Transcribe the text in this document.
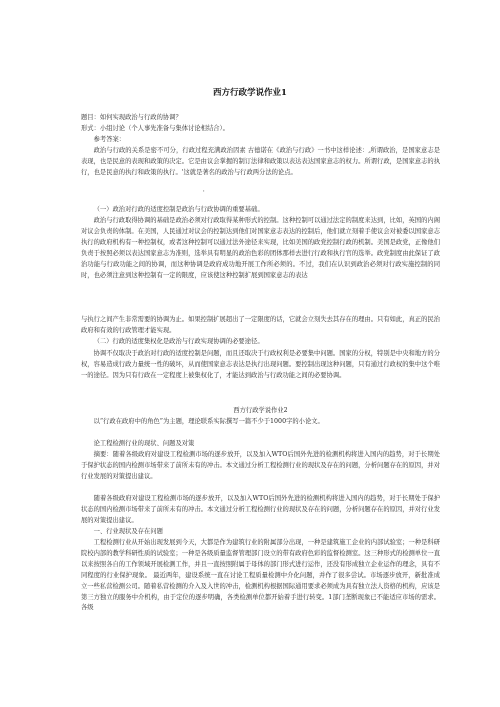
西方行政学说作业1

题目：如何实现政治与行政的协调？

形式：小组讨论（个人事先准备与集体讨论相结合）。

参考答案：

政治与行政的关系是密不可分，行政过程充满政治因素 古德诺在《政治与行政》一书中这样论述：,所谓政治，是国家意志是表现，也是民意的表现和政策的决定。它是由议会掌握的制订法律和政策以表达表达国家意志的权力。所谓行政，是国家意志的执行，也是民意的执行和政策的执行。'这就是著名的政治与行政两分法的论点。

'

（一）政治对行政的适度控制是政治与行政协调的重要基础。

政治与行政取得协调的基础是政治必须对行政取得某种形式的控制。这种控制可以通过法定的制度来达到，比如，英国的内阁对议会负责的体制。在美国，人民通过对议会的控制达到他们对国家意志表达的控制后，他们就立刻着手使议会对被委以国家意志执行的政府机构有一种控制权，或者这种控制可以通过法外途径来实现，比如美国的政党控制行政的机制。美国是政党，正像他们负责于按照必须以表达国家意志为准则，选举具有明显的政治色彩的团体那样去进行行政和执行官的选举。政党制度由此保证了政治功能与行政功能之间的协调，而这种协调是政府成功地开展工作所必须的。不过，我们在认识到政治必须对行政实施控制的同时，也必须注意到这种控制有一定的限度，应该使这种控制扩展到国家意志的表达

与执行之间产生非常需要的协调为止。如果控制扩展超出了一定限度的话，它就会立刻失去其存在的理由。只有如此，真正的民治政府和有效的行政管理才能实现。

（二）行政的适度集权化是政治与行政实现协调的必要途径。

协调不仅取决于政治对行政的适度控制是问题，而且还取决于行政权利是必要集中问题。国家的分权，特别是中央和地方的分权，容易造成行政力量统一性的破坏，从而使国家意志表达是执行出现问题。要控制出现这种问题，只有通过行政权的集中这个唯一的途径。因为只有行政在一定程度上被集权化了，才能达到政治与行政功能之间的必要协调。

西方行政学说作业2

以“行政在政府中的角色”为主题，理论联系实际撰写一篇不少于1000字的小论文。

论工程检测行业的现状、问题及对策

摘要：随着各级政府对建设工程检测市场的逐步放开，以及加入WTO后国外先进的检测机构将进入国内的趋势，对于长期处于保护状态的国内检测市场带来了前所未有的冲击。本文通过分析工程检测行业的现状及存在的问题，分析问题存在的原因，并对行业发展的对策提出建议。

随着各级政府对建设工程检测市场的逐步放开，以及加入WTO后国外先进的检测机构将进入国内的趋势，对于长期处于保护状态的国内检测市场带来了前所未有的冲击。本文通过分析工程检测行业的现状及存在的问题，分析问题存在的原因，并对行业发展的对策提出建议。

一、行业现状及存在问题

工程检测行业从开始出现发展到今天，大都是作为建筑行业的附属部分出现，一种是建筑施工企业的内部试验室；一种是科研院校内部的教学科研性质的试验室；一种是各级质量监督管理部门设立的带有政府色彩的监督检测室。这三种形式的检测单位一直以来按照各自的工作领域开展检测工作，并且一直按照附属于母体的部门形式进行运作，还没有形成独立企业运作的理念，具有不同程度的行业保护现象。 最近两年，建设系统一直在讨论工程质量检测中介化问题，并作了很多尝试。市场逐步放开，新批准成立一些私营检测公司。随着私营检测的介入及入世的冲击，检测机构根据国际通用要求必须成为具有独立法人资格的机构，应该是第三方独立的服务中介机构，由于定位的逐步明确，各类检测单位都开始着手进行转变。1部门垄断现象已不能适应市场的需求。各级
